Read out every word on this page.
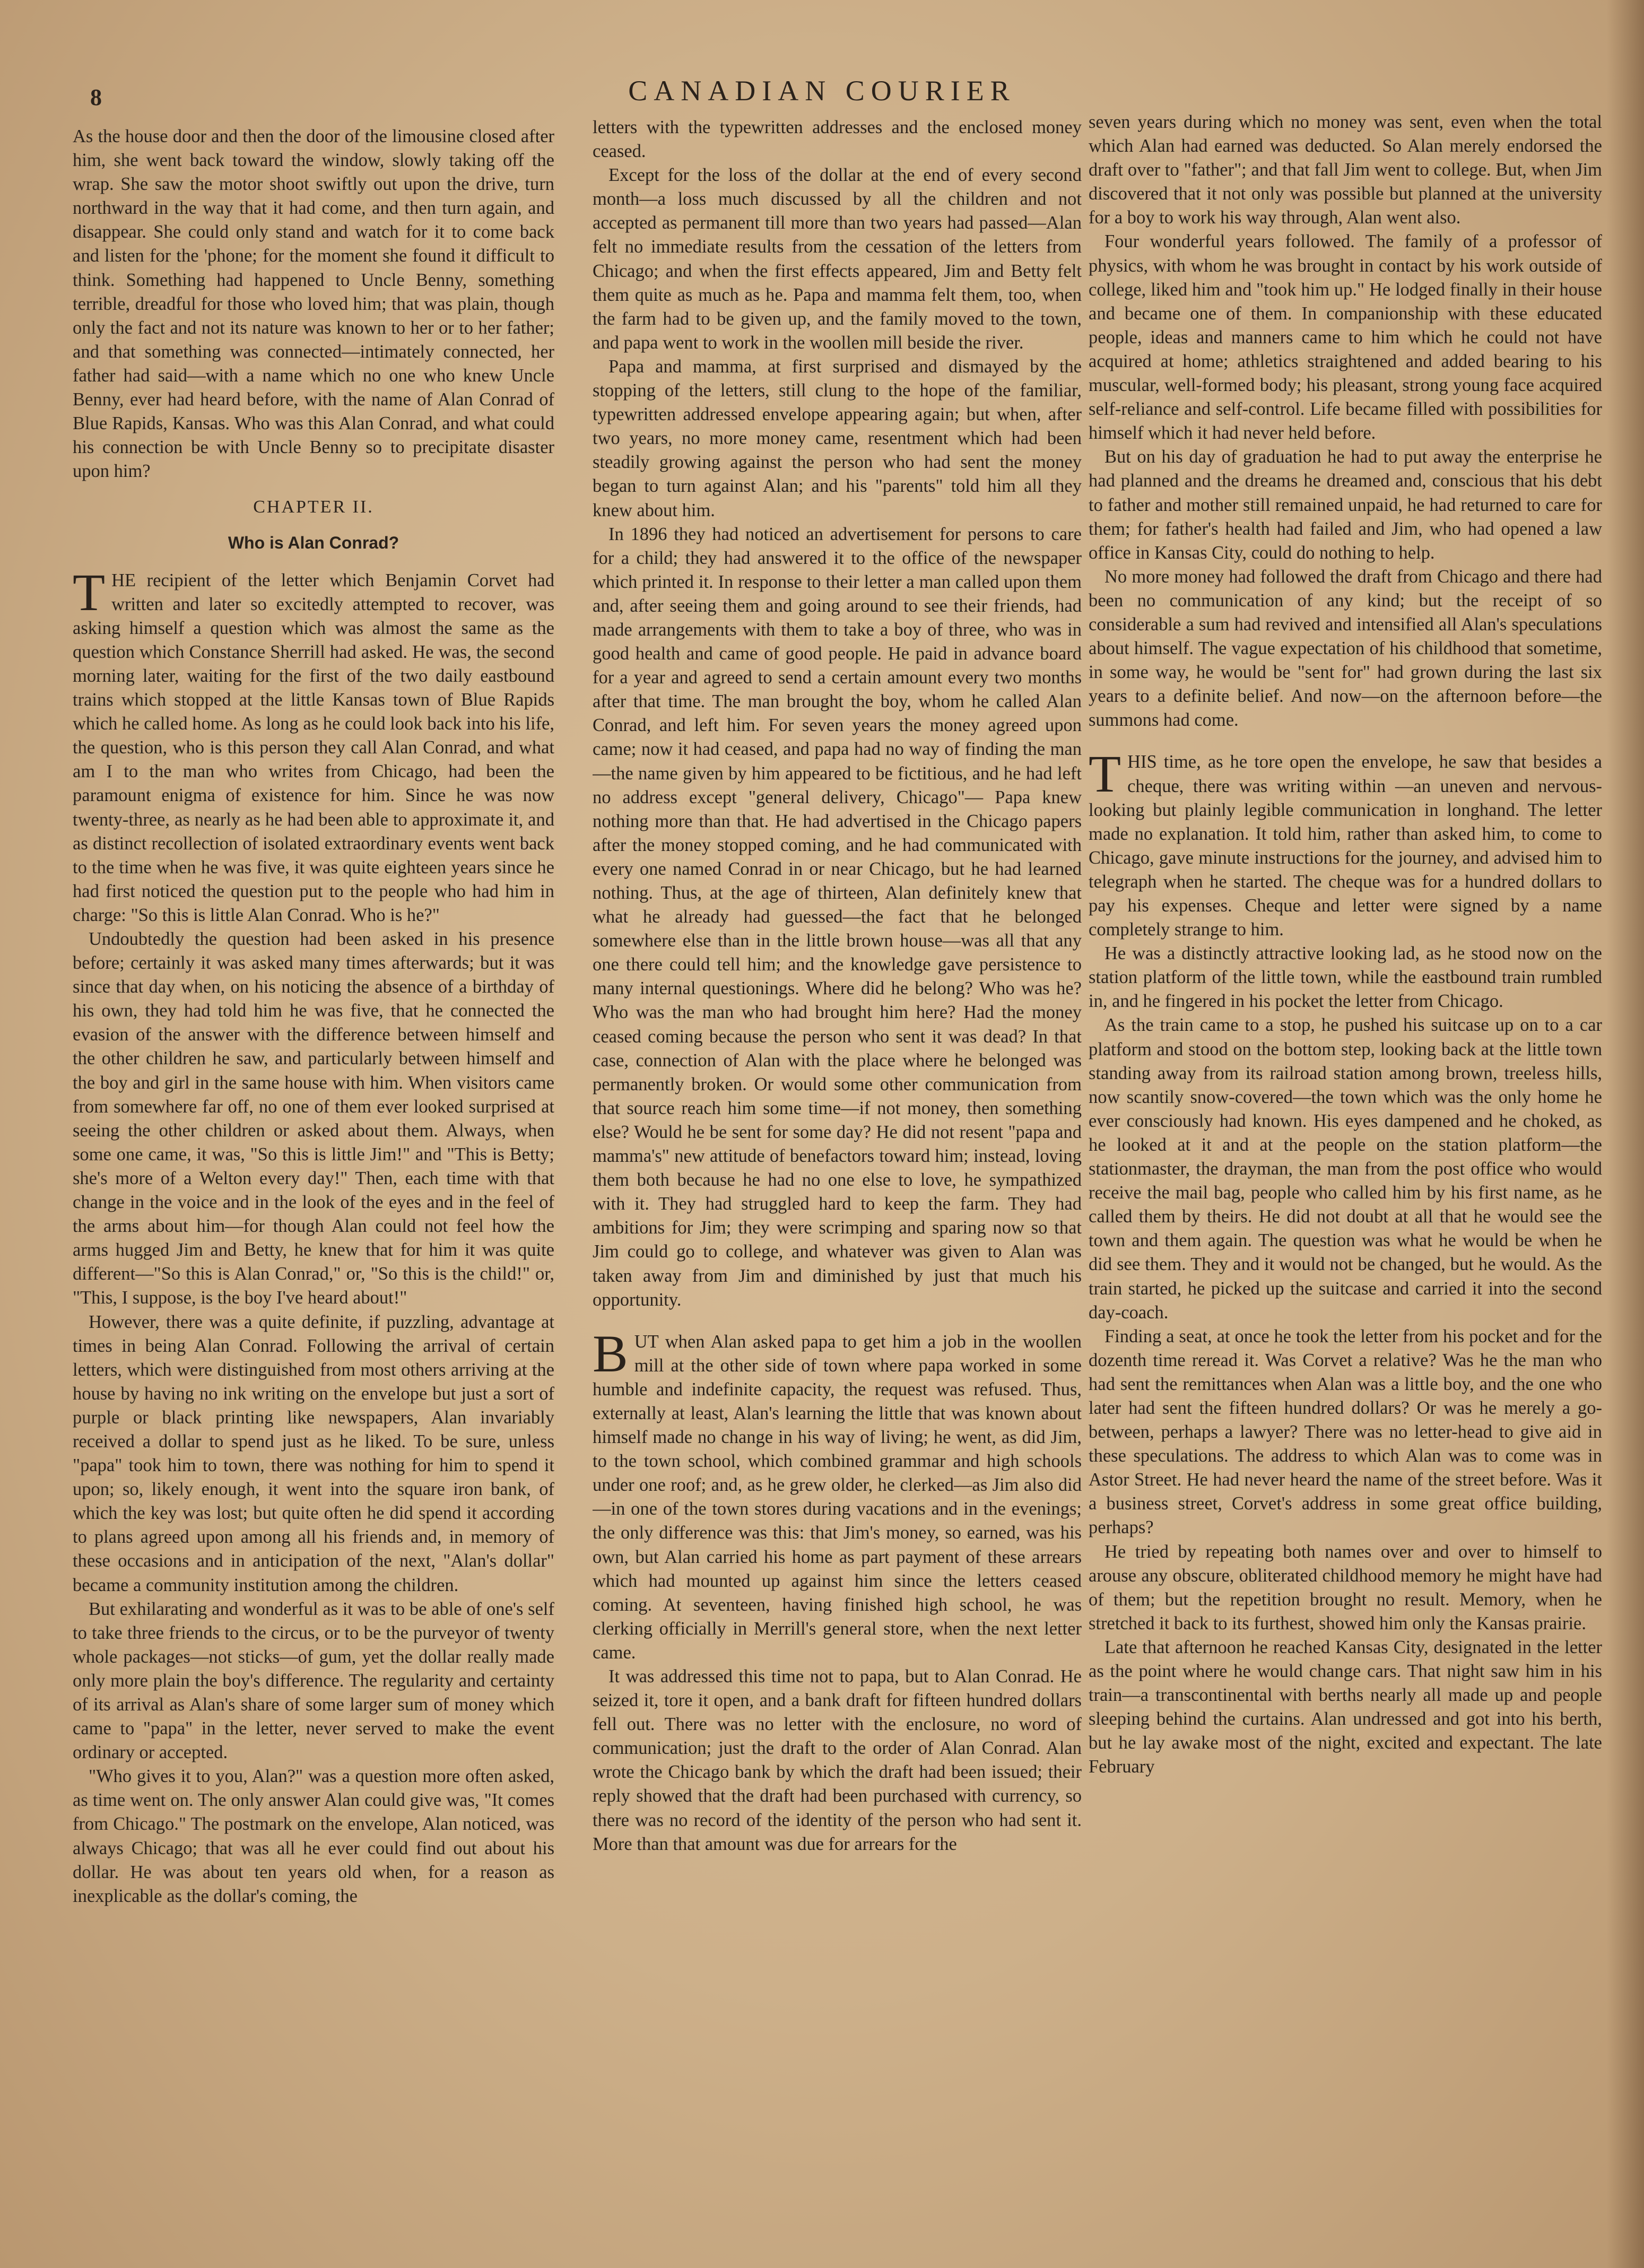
8	CANADIAN COURIER

As the house door and then the door of the limousine closed after him, she went back toward the window, slowly taking off the wrap. She saw the motor shoot swiftly out upon the drive, turn northward in the way that it had come, and then turn again, and disappear. She could only stand and watch for it to come back and listen for the 'phone; for the moment she found it difficult to think. Something had happened to Uncle Benny, something terrible, dreadful for those who loved him; that was plain, though only the fact and not its nature was known to her or to her father; and that something was connected—intimately connected, her father had said—with a name which no one who knew Uncle Benny, ever had heard before, with the name of Alan Conrad of Blue Rapids, Kansas. Who was this Alan Conrad, and what could his connection be with Uncle Benny so to precipitate disaster upon him?

CHAPTER II.
Who is Alan Conrad?

THE recipient of the letter which Benjamin Corvet had written and later so excitedly attempted to recover, was asking himself a question which was almost the same as the question which Constance Sherrill had asked. He was, the second morning later, waiting for the first of the two daily eastbound trains which stopped at the little Kansas town of Blue Rapids which he called home. As long as he could look back into his life, the question, who is this person they call Alan Conrad, and what am I to the man who writes from Chicago, had been the paramount enigma of existence for him. Since he was now twenty-three, as nearly as he had been able to approximate it, and as distinct recollection of isolated extraordinary events went back to the time when he was five, it was quite eighteen years since he had first noticed the question put to the people who had him in charge: "So this is little Alan Conrad. Who is he?"

Undoubtedly the question had been asked in his presence before; certainly it was asked many times afterwards; but it was since that day when, on his noticing the absence of a birthday of his own, they had told him he was five, that he connected the evasion of the answer with the difference between himself and the other children he saw, and particularly between himself and the boy and girl in the same house with him. When visitors came from somewhere far off, no one of them ever looked surprised at seeing the other children or asked about them. Always, when some one came, it was, "So this is little Jim!" and "This is Betty; she's more of a Welton every day!" Then, each time with that change in the voice and in the look of the eyes and in the feel of the arms about him—for though Alan could not feel how the arms hugged Jim and Betty, he knew that for him it was quite different—"So this is Alan Conrad," or, "So this is the child!" or, "This, I suppose, is the boy I've heard about!"

However, there was a quite definite, if puzzling, advantage at times in being Alan Conrad. Following the arrival of certain letters, which were distinguished from most others arriving at the house by having no ink writing on the envelope but just a sort of purple or black printing like newspapers, Alan invariably received a dollar to spend just as he liked. To be sure, unless "papa" took him to town, there was nothing for him to spend it upon; so, likely enough, it went into the square iron bank, of which the key was lost; but quite often he did spend it according to plans agreed upon among all his friends and, in memory of these occasions and in anticipation of the next, "Alan's dollar" became a community institution among the children.

But exhilarating and wonderful as it was to be able of one's self to take three friends to the circus, or to be the purveyor of twenty whole packages—not sticks—of gum, yet the dollar really made only more plain the boy's difference. The regularity and certainty of its arrival as Alan's share of some larger sum of money which came to "papa" in the letter, never served to make the event ordinary or accepted.

"Who gives it to you, Alan?" was a question more often asked, as time went on. The only answer Alan could give was, "It comes from Chicago." The postmark on the envelope, Alan noticed, was always Chicago; that was all he ever could find out about his dollar. He was about ten years old when, for a reason as inexplicable as the dollar's coming, the

letters with the typewritten addresses and the enclosed money ceased.

Except for the loss of the dollar at the end of every second month—a loss much discussed by all the children and not accepted as permanent till more than two years had passed—Alan felt no immediate results from the cessation of the letters from Chicago; and when the first effects appeared, Jim and Betty felt them quite as much as he. Papa and mamma felt them, too, when the farm had to be given up, and the family moved to the town, and papa went to work in the woollen mill beside the river.

Papa and mamma, at first surprised and dismayed by the stopping of the letters, still clung to the hope of the familiar, typewritten addressed envelope appearing again; but when, after two years, no more money came, resentment which had been steadily growing against the person who had sent the money began to turn against Alan; and his "parents" told him all they knew about him.

In 1896 they had noticed an advertisement for persons to care for a child; they had answered it to the office of the newspaper which printed it. In response to their letter a man called upon them and, after seeing them and going around to see their friends, had made arrangements with them to take a boy of three, who was in good health and came of good people. He paid in advance board for a year and agreed to send a certain amount every two months after that time. The man brought the boy, whom he called Alan Conrad, and left him. For seven years the money agreed upon came; now it had ceased, and papa had no way of finding the man—the name given by him appeared to be fictitious, and he had left no address except "general delivery, Chicago"— Papa knew nothing more than that. He had advertised in the Chicago papers after the money stopped coming, and he had communicated with every one named Conrad in or near Chicago, but he had learned nothing. Thus, at the age of thirteen, Alan definitely knew that what he already had guessed—the fact that he belonged somewhere else than in the little brown house—was all that any one there could tell him; and the knowledge gave persistence to many internal questionings. Where did he belong? Who was he? Who was the man who had brought him here? Had the money ceased coming because the person who sent it was dead? In that case, connection of Alan with the place where he belonged was permanently broken. Or would some other communication from that source reach him some time—if not money, then something else? Would he be sent for some day? He did not resent "papa and mamma's" new attitude of benefactors toward him; instead, loving them both because he had no one else to love, he sympathized with it. They had struggled hard to keep the farm. They had ambitions for Jim; they were scrimping and sparing now so that Jim could go to college, and whatever was given to Alan was taken away from Jim and diminished by just that much his opportunity.

BUT when Alan asked papa to get him a job in the woollen mill at the other side of town where papa worked in some humble and indefinite capacity, the request was refused. Thus, externally at least, Alan's learning the little that was known about himself made no change in his way of living; he went, as did Jim, to the town school, which combined grammar and high schools under one roof; and, as he grew older, he clerked—as Jim also did—in one of the town stores during vacations and in the evenings; the only difference was this: that Jim's money, so earned, was his own, but Alan carried his home as part payment of these arrears which had mounted up against him since the letters ceased coming. At seventeen, having finished high school, he was clerking officially in Merrill's general store, when the next letter came.

It was addressed this time not to papa, but to Alan Conrad. He seized it, tore it open, and a bank draft for fifteen hundred dollars fell out. There was no letter with the enclosure, no word of communication; just the draft to the order of Alan Conrad. Alan wrote the Chicago bank by which the draft had been issued; their reply showed that the draft had been purchased with currency, so there was no record of the identity of the person who had sent it. More than that amount was due for arrears for the

seven years during which no money was sent, even when the total which Alan had earned was deducted. So Alan merely endorsed the draft over to "father"; and that fall Jim went to college. But, when Jim discovered that it not only was possible but planned at the university for a boy to work his way through, Alan went also.

Four wonderful years followed. The family of a professor of physics, with whom he was brought in contact by his work outside of college, liked him and "took him up." He lodged finally in their house and became one of them. In companionship with these educated people, ideas and manners came to him which he could not have acquired at home; athletics straightened and added bearing to his muscular, well-formed body; his pleasant, strong young face acquired self-reliance and self-control. Life became filled with possibilities for himself which it had never held before.

But on his day of graduation he had to put away the enterprise he had planned and the dreams he dreamed and, conscious that his debt to father and mother still remained unpaid, he had returned to care for them; for father's health had failed and Jim, who had opened a law office in Kansas City, could do nothing to help.

No more money had followed the draft from Chicago and there had been no communication of any kind; but the receipt of so considerable a sum had revived and intensified all Alan's speculations about himself. The vague expectation of his childhood that sometime, in some way, he would be "sent for" had grown during the last six years to a definite belief. And now—on the afternoon before—the summons had come.

THIS time, as he tore open the envelope, he saw that besides a cheque, there was writing within —an uneven and nervous-looking but plainly legible communication in longhand. The letter made no explanation. It told him, rather than asked him, to come to Chicago, gave minute instructions for the journey, and advised him to telegraph when he started. The cheque was for a hundred dollars to pay his expenses. Cheque and letter were signed by a name completely strange to him.

He was a distinctly attractive looking lad, as he stood now on the station platform of the little town, while the eastbound train rumbled in, and he fingered in his pocket the letter from Chicago.

As the train came to a stop, he pushed his suitcase up on to a car platform and stood on the bottom step, looking back at the little town standing away from its railroad station among brown, treeless hills, now scantily snow-covered—the town which was the only home he ever consciously had known. His eyes dampened and he choked, as he looked at it and at the people on the station platform—the stationmaster, the drayman, the man from the post office who would receive the mail bag, people who called him by his first name, as he called them by theirs. He did not doubt at all that he would see the town and them again. The question was what he would be when he did see them. They and it would not be changed, but he would. As the train started, he picked up the suitcase and carried it into the second day-coach.

Finding a seat, at once he took the letter from his pocket and for the dozenth time reread it. Was Corvet a relative? Was he the man who had sent the remittances when Alan was a little boy, and the one who later had sent the fifteen hundred dollars? Or was he merely a go-between, perhaps a lawyer? There was no letter-head to give aid in these speculations. The address to which Alan was to come was in Astor Street. He had never heard the name of the street before. Was it a business street, Corvet's address in some great office building, perhaps?

He tried by repeating both names over and over to himself to arouse any obscure, obliterated childhood memory he might have had of them; but the repetition brought no result. Memory, when he stretched it back to its furthest, showed him only the Kansas prairie.

Late that afternoon he reached Kansas City, designated in the letter as the point where he would change cars. That night saw him in his train—a transcontinental with berths nearly all made up and people sleeping behind the curtains. Alan undressed and got into his berth, but he lay awake most of the night, excited and expectant. The late February
